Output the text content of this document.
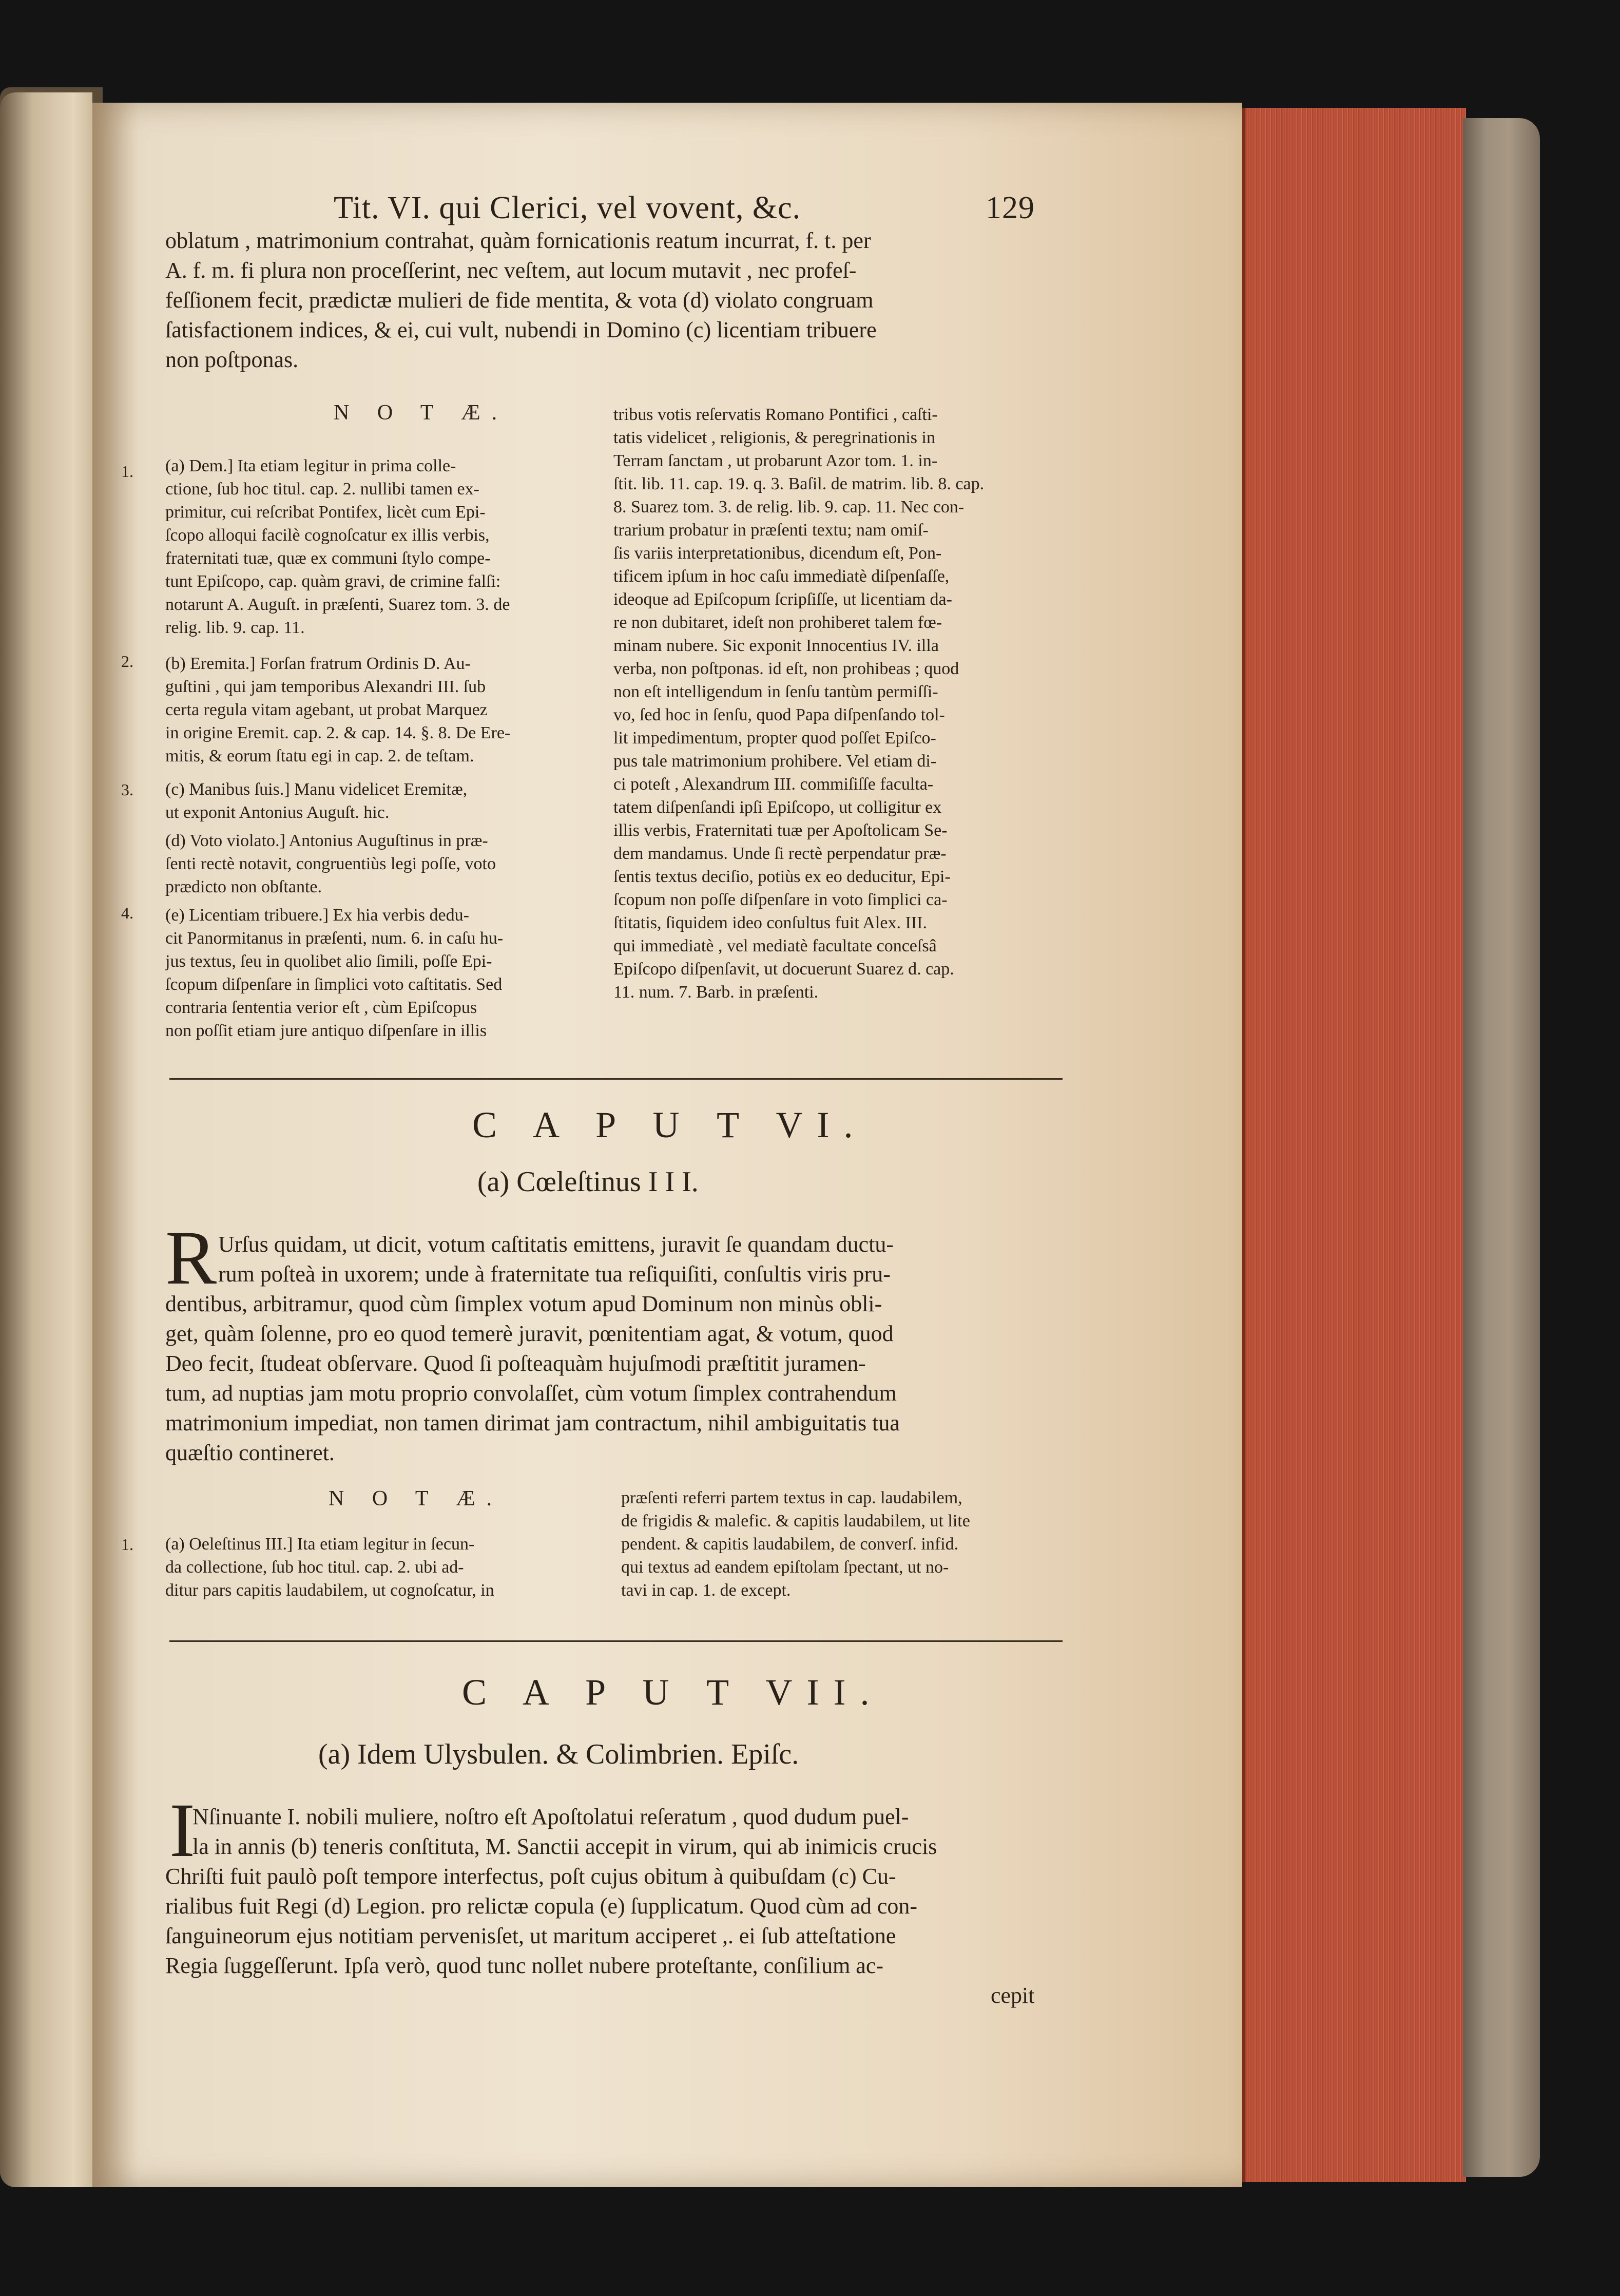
Tit. VI. qui Clerici, vel vovent, &c.	129
oblatum , matrimonium contrahat, quàm fornicationis reatum incurrat, f. t. per
A. f. m. fi plura non proceſſerint, nec veſtem, aut locum mutavit , nec profeſ-
feſſionem fecit, prædictæ mulieri de fide mentita, & vota (d) violato congruam
ſatisfactionem indices, & ei, cui vult, nubendi in Domino (c) licentiam tribuere
non poſtponas.
N O T Æ.
1.
2.
3.
4.
(a) Dem.] Ita etiam legitur in prima colle-
ctione, ſub hoc titul. cap. 2. nullibi tamen ex-
primitur, cui reſcribat Pontifex, licèt cum Epi-
ſcopo alloqui facilè cognoſcatur ex illis verbis,
fraternitati tuæ, quæ ex communi ſtylo compe-
tunt Epiſcopo, cap. quàm gravi, de crimine falſi:
notarunt A. Auguſt. in præſenti, Suarez tom. 3. de
relig. lib. 9. cap. 11.
(b) Eremita.] Forſan fratrum Ordinis D. Au-
guſtini , qui jam temporibus Alexandri III. ſub
certa regula vitam agebant, ut probat Marquez
in origine Eremit. cap. 2. & cap. 14. §. 8. De Ere-
mitis, & eorum ſtatu egi in cap. 2. de teſtam.
(c) Manibus ſuis.] Manu videlicet Eremitæ,
ut exponit Antonius Auguſt. hic.
(d) Voto violato.] Antonius Auguſtinus in præ-
ſenti rectè notavit, congruentiùs legi poſſe, voto
prædicto non obſtante.
(e) Licentiam tribuere.] Ex hia verbis dedu-
cit Panormitanus in præſenti, num. 6. in caſu hu-
jus textus, ſeu in quolibet alio ſimili, poſſe Epi-
ſcopum diſpenſare in ſimplici voto caſtitatis. Sed
contraria ſententia verior eſt , cùm Epiſcopus
non poſſit etiam jure antiquo diſpenſare in illis
tribus votis reſervatis Romano Pontifici , caſti-
tatis videlicet , religionis, & peregrinationis in
Terram ſanctam , ut probarunt Azor tom. 1. in-
ſtit. lib. 11. cap. 19. q. 3. Baſil. de matrim. lib. 8. cap.
8. Suarez tom. 3. de relig. lib. 9. cap. 11. Nec con-
trarium probatur in præſenti textu; nam omiſ-
ſis variis interpretationibus, dicendum eſt, Pon-
tificem ipſum in hoc caſu immediatè diſpenſaſſe,
ideoque ad Epiſcopum ſcripſiſſe, ut licentiam da-
re non dubitaret, ideſt non prohiberet talem fœ-
minam nubere. Sic exponit Innocentius IV. illa
verba, non poſtponas. id eſt, non prohibeas ; quod
non eſt intelligendum in ſenſu tantùm permiſſi-
vo, ſed hoc in ſenſu, quod Papa diſpenſando tol-
lit impedimentum, propter quod poſſet Epiſco-
pus tale matrimonium prohibere. Vel etiam di-
ci poteſt , Alexandrum III. commiſiſſe faculta-
tatem diſpenſandi ipſi Epiſcopo, ut colligitur ex
illis verbis, Fraternitati tuæ per Apoſtolicam Se-
dem mandamus. Unde ſi rectè perpendatur præ-
ſentis textus deciſio, potiùs ex eo deducitur, Epi-
ſcopum non poſſe diſpenſare in voto ſimplici ca-
ſtitatis, ſiquidem ideo conſultus fuit Alex. III.
qui immediatè , vel mediatè facultate conceſsâ
Epiſcopo diſpenſavit, ut docuerunt Suarez d. cap.
11. num. 7. Barb. in præſenti.
C A P U T VI.
(a) Cœleſtinus I I I.
R Urſus quidam, ut dicit, votum caſtitatis emittens, juravit ſe quandam ductu-
rum poſteà in uxorem; unde à fraternitate tua reſiquiſiti, conſultis viris pru-
dentibus, arbitramur, quod cùm ſimplex votum apud Dominum non minùs obli-
get, quàm ſolenne, pro eo quod temerè juravit, pœnitentiam agat, & votum, quod
Deo fecit, ſtudeat obſervare. Quod ſi poſteaquàm hujuſmodi præſtitit juramen-
tum, ad nuptias jam motu proprio convolaſſet, cùm votum ſimplex contrahendum
matrimonium impediat, non tamen dirimat jam contractum, nihil ambiguitatis tua
quæſtio contineret.
N O T Æ.
1. (a) Oeleſtinus III.] Ita etiam legitur in ſecun-
da collectione, ſub hoc titul. cap. 2. ubi ad-
ditur pars capitis laudabilem, ut cognoſcatur, in
præſenti referri partem textus in cap. laudabilem,
de frigidis & malefic. & capitis laudabilem, ut lite
pendent. & capitis laudabilem, de converſ. infid.
qui textus ad eandem epiſtolam ſpectant, ut no-
tavi in cap. 1. de except.
C A P U T VII.
(a) Idem Ulysbulen. & Colimbrien. Epiſc.
I
Nſinuante I. nobili muliere, noſtro eſt Apoſtolatui reſeratum , quod dudum puel-
la in annis (b) teneris conſtituta, M. Sanctii accepit in virum, qui ab inimicis crucis
Chriſti fuit paulò poſt tempore interfectus, poſt cujus obitum à quibuſdam (c) Cu-
rialibus fuit Regi (d) Legion. pro relictæ copula (e) ſupplicatum. Quod cùm ad con-
ſanguineorum ejus notitiam pervenisſet, ut maritum acciperet ,. ei ſub atteſtatione
Regia ſuggeſſerunt. Ipſa verò, quod tunc nollet nubere proteſtante, conſilium ac-
cepit
